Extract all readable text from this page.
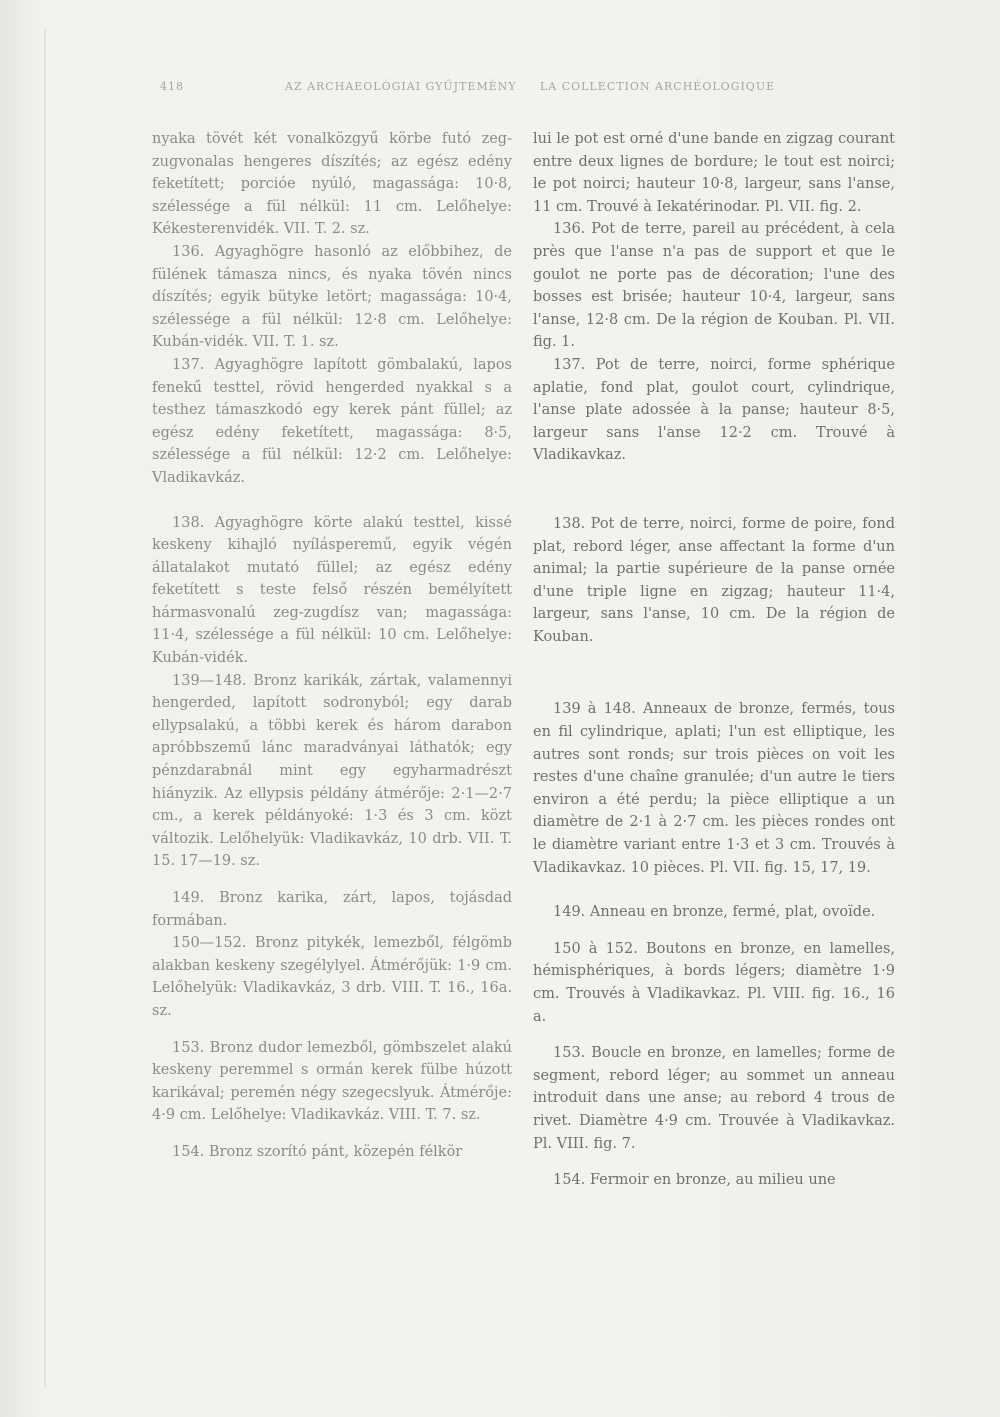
418	AZ ARCHAEOLÓGIAI GYŰJTEMÉNY LA COLLECTION ARCHÉOLOGIQUE

nyaka tövét két vonalközgyű körbe futó zeg-zugvonalas hengeres díszítés; az egész edény feketített; porcióe nyúló, magassága: 10·8, szélessége a fül nélkül: 11 cm. Lelőhelye: Kékesterenvidék. VII. T. 2. sz.

136. Agyaghögre hasonló az előbbihez, de fülének támasza nincs, és nyaka tövén nincs díszítés; egyik bütyke letört; magassága: 10·4, szélessége a fül nélkül: 12·8 cm. Lelőhelye: Kubán-vidék. VII. T. 1. sz.

137. Agyaghögre lapított gömbalakú, lapos fenekű testtel, rövid hengerded nyakkal s a testhez támaszkodó egy kerek pánt füllel; az egész edény feketített, magassága: 8·5, szélessége a fül nélkül: 12·2 cm. Lelőhelye: Vladikavkáz.

138. Agyaghögre körte alakú testtel, kissé keskeny kihajló nyílásperemű, egyik végén állatalakot mutató füllel; az egész edény feketített s teste felső részén bemélyített hármasvonalú zeg-zugdísz van; magassága: 11·4, szélessége a fül nélkül: 10 cm. Lelőhelye: Kubán-vidék.

139—148. Bronz karikák, zártak, valamennyi hengerded, lapított sodronyból; egy darab ellypsalakú, a többi kerek és három darabon apróbbszemű lánc maradványai láthatók; egy pénzdarabnál mint egy egyharmadrészt hiányzik. Az ellypsis példány átmérője: 2·1—2·7 cm., a kerek példányoké: 1·3 és 3 cm. közt változik. Lelőhelyük: Vladikavkáz, 10 drb. VII. T. 15. 17—19. sz.

149. Bronz karika, zárt, lapos, tojásdad formában.

150—152. Bronz pitykék, lemezből, félgömb alakban keskeny szegélylyel. Átmérőjük: 1·9 cm. Lelőhelyük: Vladikavkáz, 3 drb. VIII. T. 16., 16a. sz.

153. Bronz dudor lemezből, gömbszelet alakú keskeny peremmel s ormán kerek fülbe húzott karikával; peremén négy szegecslyuk. Átmérője: 4·9 cm. Lelőhelye: Vladikavkáz. VIII. T. 7. sz.

154. Bronz szorító pánt, közepén félkör

lui le pot est orné d'une bande en zigzag courant entre deux lignes de bordure; le tout est noirci; le pot noirci; hauteur 10·8, largeur, sans l'anse, 11 cm. Trouvé à Iekatérinodar. Pl. VII. fig. 2.

136. Pot de terre, pareil au précédent, à cela près que l'anse n'a pas de support et que le goulot ne porte pas de décoration; l'une des bosses est brisée; hauteur 10·4, largeur, sans l'anse, 12·8 cm. De la région de Kouban. Pl. VII. fig. 1.

137. Pot de terre, noirci, forme sphérique aplatie, fond plat, goulot court, cylindrique, l'anse plate adossée à la panse; hauteur 8·5, largeur sans l'anse 12·2 cm. Trouvé à Vladikavkaz.

138. Pot de terre, noirci, forme de poire, fond plat, rebord léger, anse affectant la forme d'un animal; la partie supérieure de la panse ornée d'une triple ligne en zigzag; hauteur 11·4, largeur, sans l'anse, 10 cm. De la région de Kouban.

139 à 148. Anneaux de bronze, fermés, tous en fil cylindrique, aplati; l'un est elliptique, les autres sont ronds; sur trois pièces on voit les restes d'une chaîne granulée; d'un autre le tiers environ a été perdu; la pièce elliptique a un diamètre de 2·1 à 2·7 cm. les pièces rondes ont le diamètre variant entre 1·3 et 3 cm. Trouvés à Vladikavkaz. 10 pièces. Pl. VII. fig. 15, 17, 19.

149. Anneau en bronze, fermé, plat, ovoïde.

150 à 152. Boutons en bronze, en lamelles, hémisphériques, à bords légers; diamètre 1·9 cm. Trouvés à Vladikavkaz. Pl. VIII. fig. 16., 16 a.

153. Boucle en bronze, en lamelles; forme de segment, rebord léger; au sommet un anneau introduit dans une anse; au rebord 4 trous de rivet. Diamètre 4·9 cm. Trouvée à Vladikavkaz. Pl. VIII. fig. 7.

154. Fermoir en bronze, au milieu une
